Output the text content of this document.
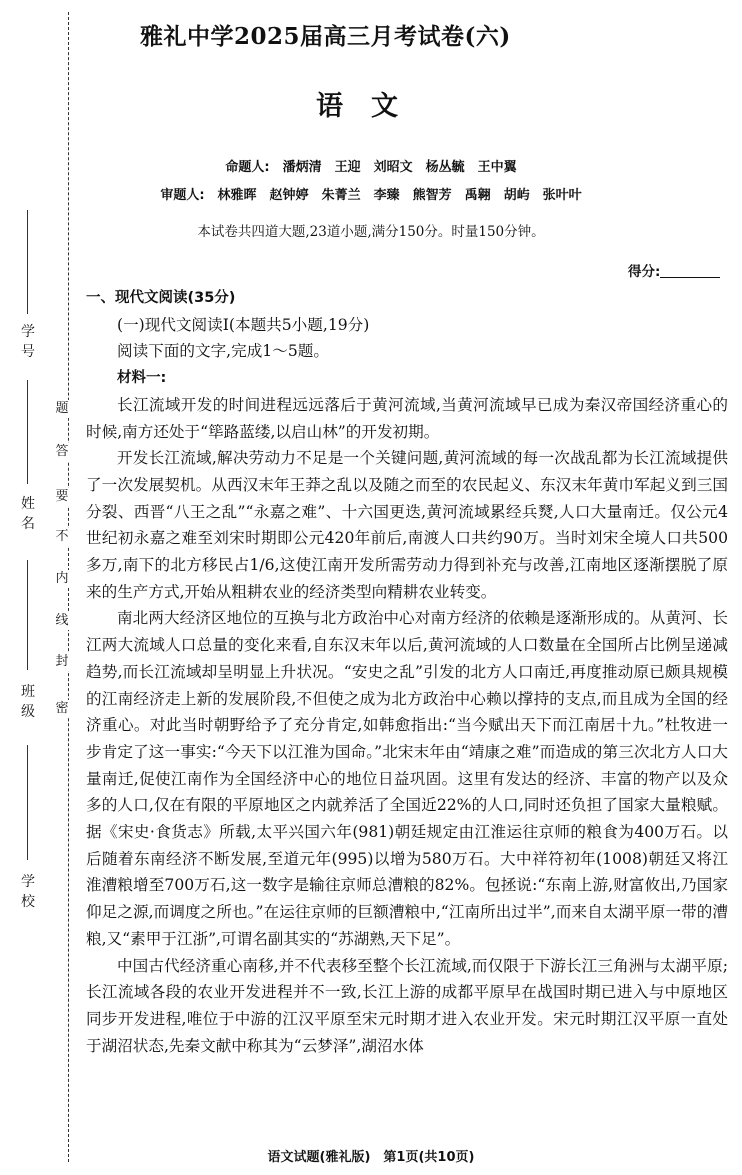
学号
姓名
班级
学校
题
答
要
不
内
线
封
密
雅礼中学2025届高三月考试卷(六)
语文
命题人: 潘炳清 王迎 刘昭文 杨丛毓 王中翼
审题人: 林雅晖 赵钟婷 朱菁兰 李臻 熊智芳 禹翱 胡屿 张叶叶
本试卷共四道大题,23道小题,满分150分。时量150分钟。
得分:

一、现代文阅读(35分)

(一)现代文阅读Ⅰ(本题共5小题,19分)

阅读下面的文字,完成1～5题。

材料一:

长江流域开发的时间进程远远落后于黄河流域,当黄河流域早已成为秦汉帝国经济重心的时候,南方还处于“筚路蓝缕,以启山林”的开发初期。

开发长江流域,解决劳动力不足是一个关键问题,黄河流域的每一次战乱都为长江流域提供了一次发展契机。从西汉末年王莽之乱以及随之而至的农民起义、东汉末年黄巾军起义到三国分裂、西晋“八王之乱”“永嘉之难”、十六国更迭,黄河流域累经兵燹,人口大量南迁。仅公元4世纪初永嘉之难至刘宋时期即公元420年前后,南渡人口共约90万。当时刘宋全境人口共500多万,南下的北方移民占1/6,这使江南开发所需劳动力得到补充与改善,江南地区逐渐摆脱了原来的生产方式,开始从粗耕农业的经济类型向精耕农业转变。

南北两大经济区地位的互换与北方政治中心对南方经济的依赖是逐渐形成的。从黄河、长江两大流域人口总量的变化来看,自东汉末年以后,黄河流域的人口数量在全国所占比例呈递减趋势,而长江流域却呈明显上升状况。“安史之乱”引发的北方人口南迁,再度推动原已颇具规模的江南经济走上新的发展阶段,不但使之成为北方政治中心赖以撑持的支点,而且成为全国的经济重心。对此当时朝野给予了充分肯定,如韩愈指出:“当今赋出天下而江南居十九。”杜牧进一步肯定了这一事实:“今天下以江淮为国命。”北宋末年由“靖康之难”而造成的第三次北方人口大量南迁,促使江南作为全国经济中心的地位日益巩固。这里有发达的经济、丰富的物产以及众多的人口,仅在有限的平原地区之内就养活了全国近22%的人口,同时还负担了国家大量粮赋。据《宋史·食货志》所载,太平兴国六年(981)朝廷规定由江淮运往京师的粮食为400万石。以后随着东南经济不断发展,至道元年(995)以增为580万石。大中祥符初年(1008)朝廷又将江淮漕粮增至700万石,这一数字是输往京师总漕粮的82%。包拯说:“东南上游,财富攸出,乃国家仰足之源,而调度之所也。”在运往京师的巨额漕粮中,“江南所出过半”,而来自太湖平原一带的漕粮,又“素甲于江浙”,可谓名副其实的“苏湖熟,天下足”。

中国古代经济重心南移,并不代表移至整个长江流域,而仅限于下游长江三角洲与太湖平原;长江流域各段的农业开发进程并不一致,长江上游的成都平原早在战国时期已进入与中原地区同步开发进程,唯位于中游的江汉平原至宋元时期才进入农业开发。宋元时期江汉平原一直处于湖沼状态,先秦文献中称其为“云梦泽”,湖沼水体

语文试题(雅礼版)　第1页(共10页)
